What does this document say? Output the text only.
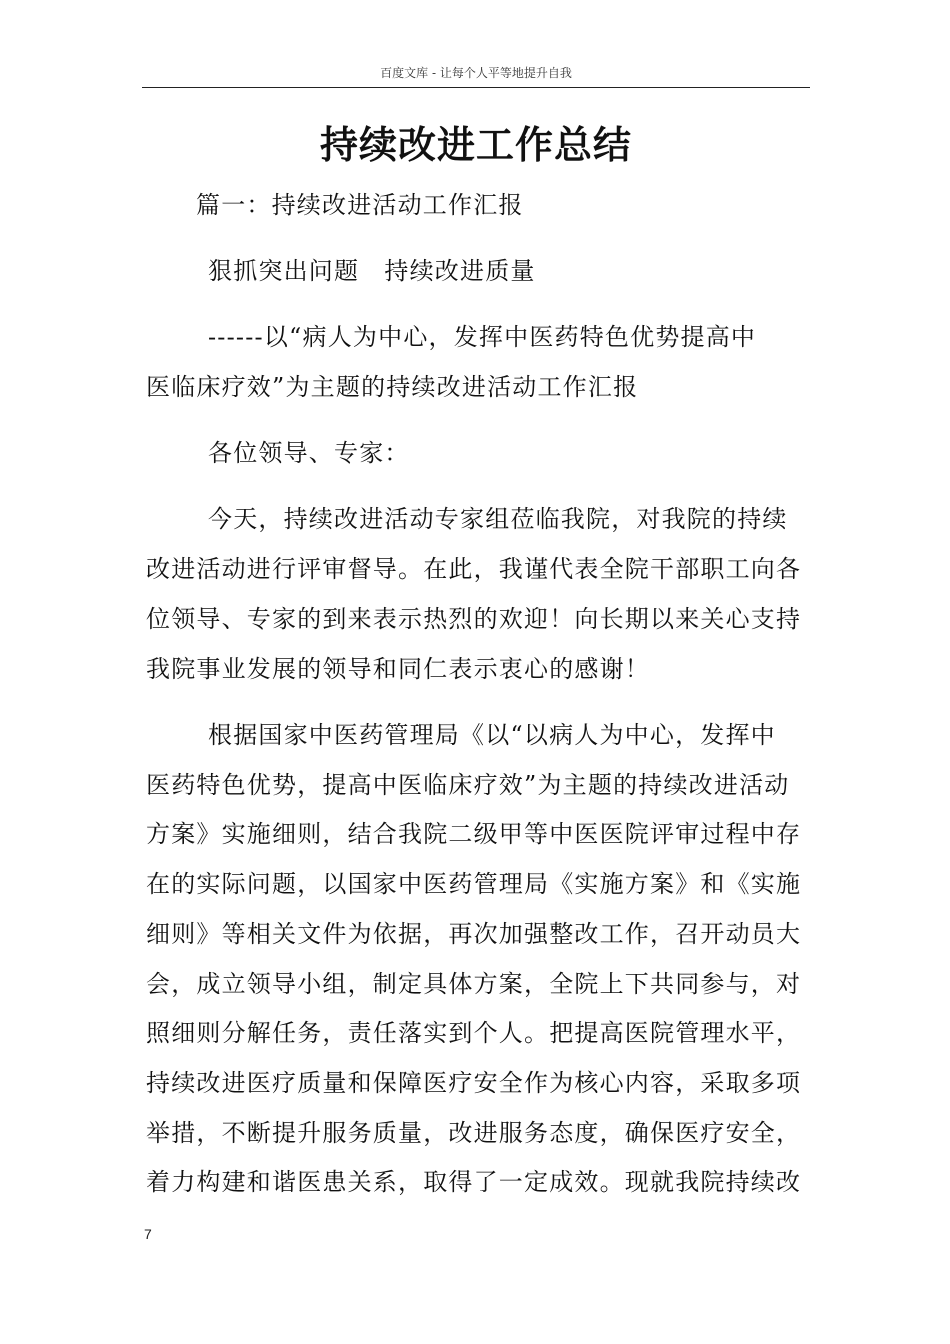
百度文库 - 让每个人平等地提升自我
持续改进工作总结
篇一：持续改进活动工作汇报
狠抓突出问题　持续改进质量
------以“病人为中心，发挥中医药特色优势提高中
医临床疗效”为主题的持续改进活动工作汇报
各位领导、专家：
今天，持续改进活动专家组莅临我院，对我院的持续
改进活动进行评审督导。在此，我谨代表全院干部职工向各
位领导、专家的到来表示热烈的欢迎！向长期以来关心支持
我院事业发展的领导和同仁表示衷心的感谢！
根据国家中医药管理局《以“以病人为中心，发挥中
医药特色优势，提高中医临床疗效”为主题的持续改进活动
方案》实施细则，结合我院二级甲等中医医院评审过程中存
在的实际问题，以国家中医药管理局《实施方案》和《实施
细则》等相关文件为依据，再次加强整改工作，召开动员大
会，成立领导小组，制定具体方案，全院上下共同参与，对
照细则分解任务，责任落实到个人。把提高医院管理水平，
持续改进医疗质量和保障医疗安全作为核心内容，采取多项
举措，不断提升服务质量，改进服务态度，确保医疗安全，
着力构建和谐医患关系，取得了一定成效。现就我院持续改
7
